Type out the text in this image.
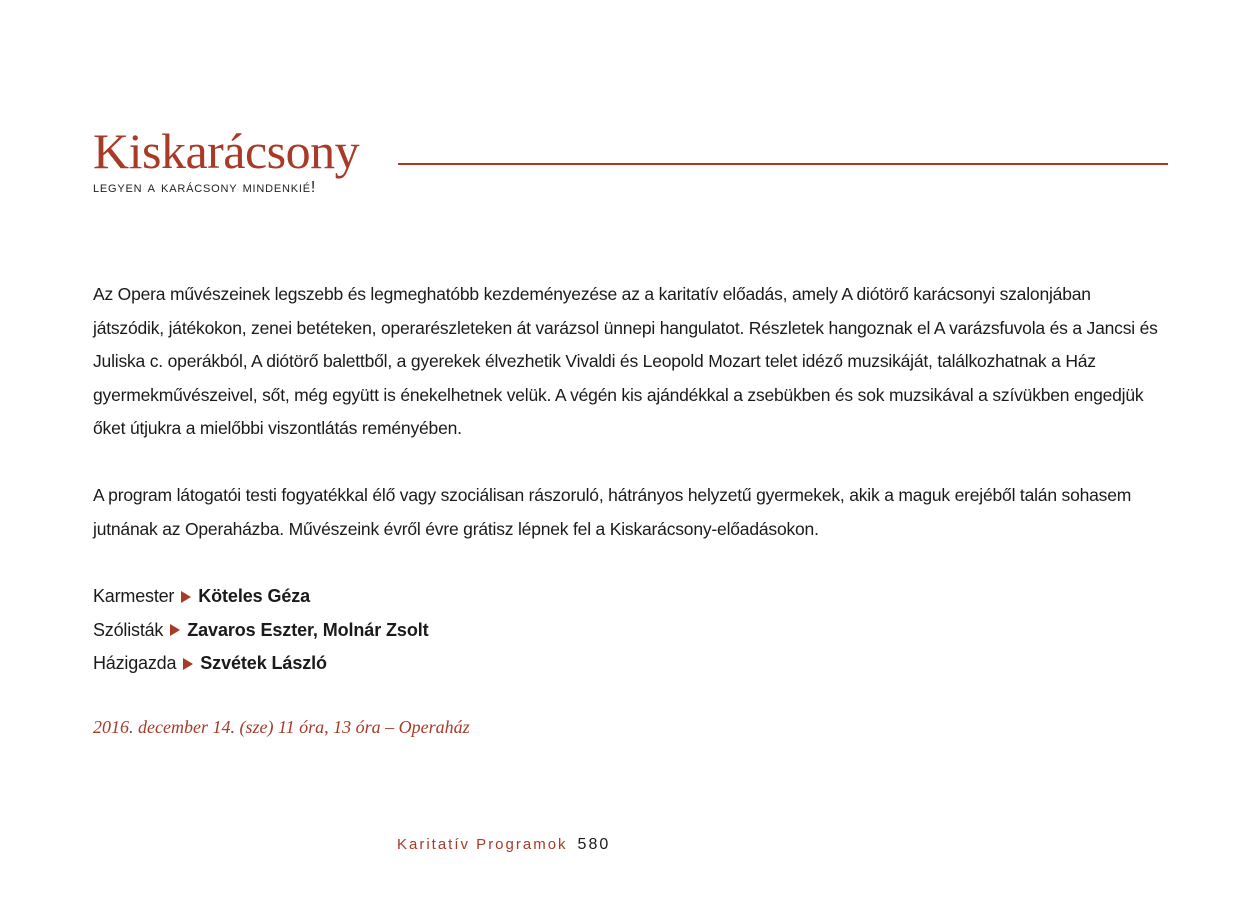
Kiskarácsony
legyen a karácsony mindenkié!
Az Opera művészeinek legszebb és legmeghatóbb kezdeményezése az a karitatív előadás, amely A diótörő karácsonyi szalonjában játszódik, játékokon, zenei betéteken, operarészleteken át varázsol ünnepi hangulatot. Részletek hangoznak el A varázsfuvola és a Jancsi és Juliska c. operákból, A diótörő balettből, a gyerekek élvezhetik Vivaldi és Leopold Mozart telet idéző muzsikáját, találkozhatnak a Ház gyermekművészeivel, sőt, még együtt is énekelhetnek velük. A végén kis ajándékkal a zsebükben és sok muzsikával a szívükben engedjük őket útjukra a mielőbbi viszontlátás reményében.
A program látogatói testi fogyatékkal élő vagy szociálisan rászoruló, hátrányos helyzetű gyermekek, akik a maguk erejéből talán sohasem jutnának az Operaházba. Művészeink évről évre grátisz lépnek fel a Kiskarácsony-előadásokon.
Karmester Köteles Géza
Szólisták Zavaros Eszter, Molnár Zsolt
Házigazda Szvétek László
2016. december 14. (sze) 11 óra, 13 óra – Operaház
Karitatív Programok 580
